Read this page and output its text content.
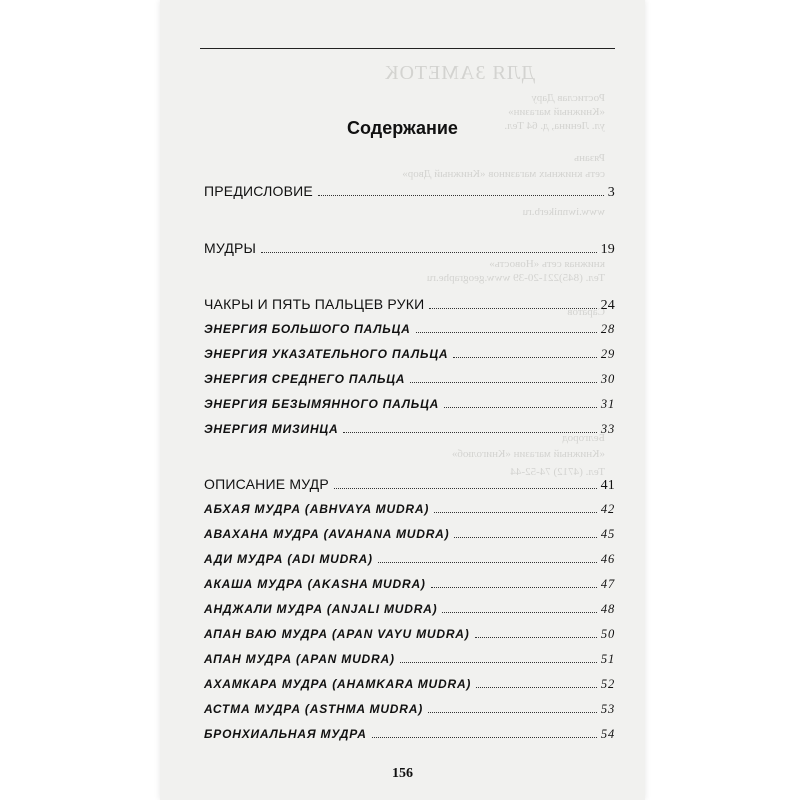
ДЛЯ ЗАМЕТОК
Ростислав Дару
«Книжный магазин»
ул. Ленина, д. 64 Тел.
Рязань
сеть книжных магазинов «Книжный Двор»
www.iwnnikerb.ru
книжная сеть «Новость»
Тел. (845)221-20-39 www.geographe.ru
Саратов
Белгород
«Книжный магазин «Книголюб»
Тел. (4712) 74-52-44
Содержание
ПРЕДИСЛОВИЕ	3
МУДРЫ	19
ЧАКРЫ И ПЯТЬ ПАЛЬЦЕВ РУКИ	24
ЭНЕРГИЯ БОЛЬШОГО ПАЛЬЦА	28
ЭНЕРГИЯ УКАЗАТЕЛЬНОГО ПАЛЬЦА	29
ЭНЕРГИЯ СРЕДНЕГО ПАЛЬЦА	30
ЭНЕРГИЯ БЕЗЫМЯННОГО ПАЛЬЦА	31
ЭНЕРГИЯ МИЗИНЦА	33
ОПИСАНИЕ МУДР	41
АБХАЯ МУДРА (ABHVAYA MUDRA)	42
АВАХАНА МУДРА (AVAHANA MUDRA)	45
АДИ МУДРА (ADI MUDRA)	46
АКАША МУДРА (AKASHA MUDRA)	47
АНДЖАЛИ МУДРА (ANJALI MUDRA)	48
АПАН ВАЮ МУДРА (APAN VAYU MUDRA)	50
АПАН МУДРА (APAN MUDRA)	51
АХАМКАРА МУДРА (AHAMKARA MUDRA)	52
АСТМА МУДРА (ASTHMA MUDRA)	53
БРОНХИАЛЬНАЯ МУДРА	54
156
